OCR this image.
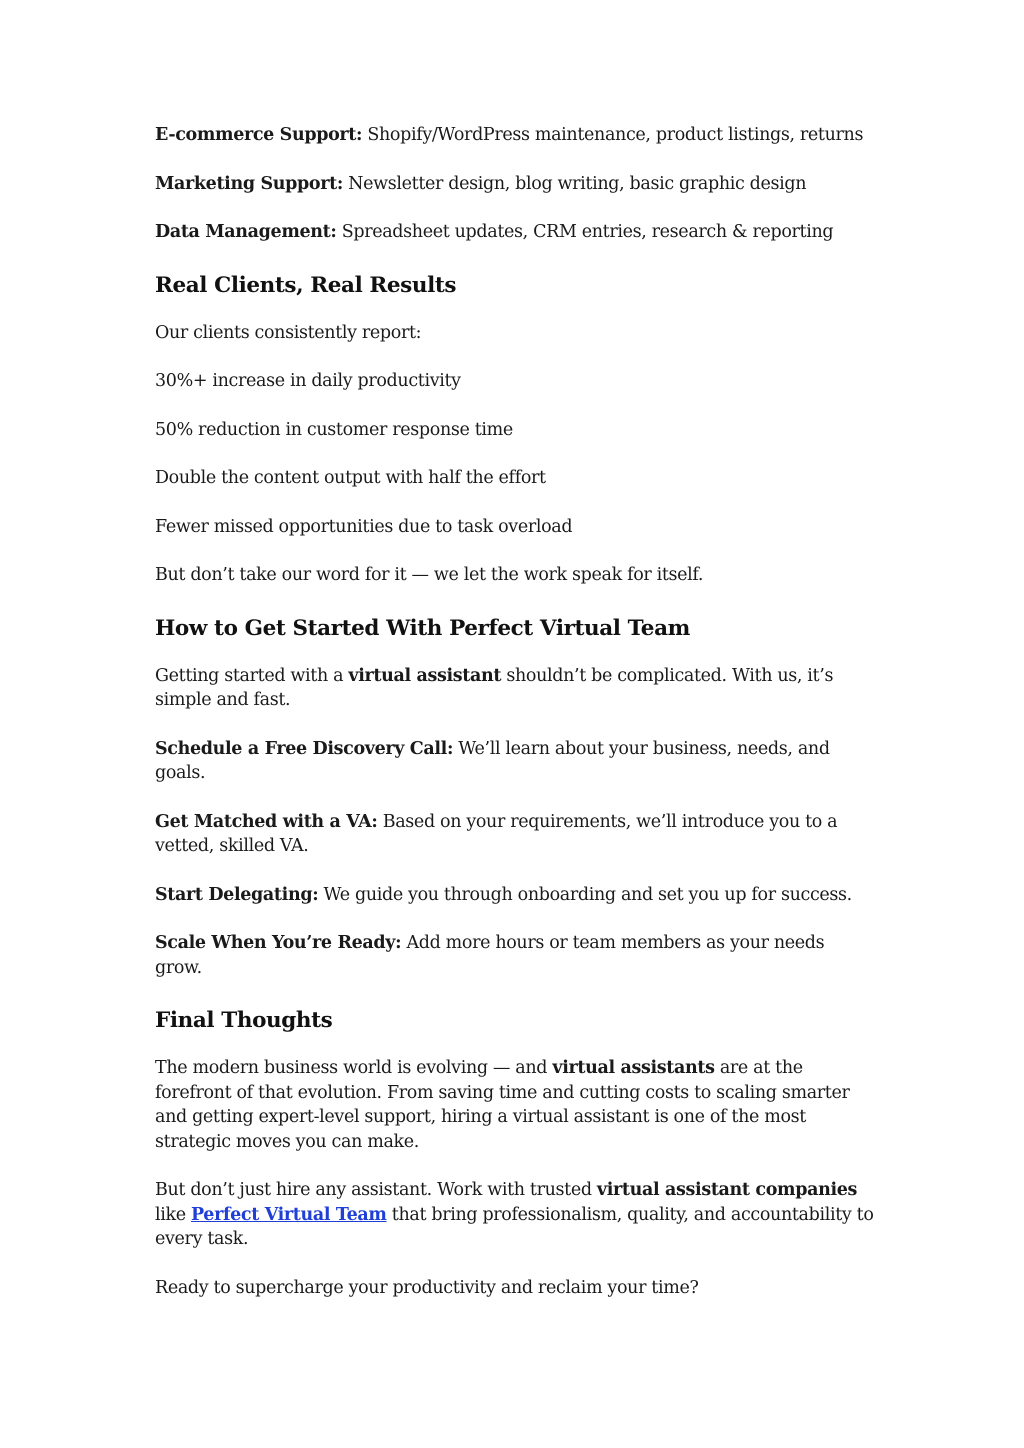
E-commerce Support: Shopify/WordPress maintenance, product listings, returns

Marketing Support: Newsletter design, blog writing, basic graphic design

Data Management: Spreadsheet updates, CRM entries, research & reporting

Real Clients, Real Results

Our clients consistently report:

30%+ increase in daily productivity

50% reduction in customer response time

Double the content output with half the effort

Fewer missed opportunities due to task overload

But don’t take our word for it — we let the work speak for itself.

How to Get Started With Perfect Virtual Team

Getting started with a virtual assistant shouldn’t be complicated. With us, it’s simple and fast.

Schedule a Free Discovery Call: We’ll learn about your business, needs, and goals.

Get Matched with a VA: Based on your requirements, we’ll introduce you to a vetted, skilled VA.

Start Delegating: We guide you through onboarding and set you up for success.

Scale When You’re Ready: Add more hours or team members as your needs grow.

Final Thoughts

The modern business world is evolving — and virtual assistants are at the forefront of that evolution. From saving time and cutting costs to scaling smarter and getting expert-level support, hiring a virtual assistant is one of the most strategic moves you can make.

But don’t just hire any assistant. Work with trusted virtual assistant companies like Perfect Virtual Team that bring professionalism, quality, and accountability to every task.

Ready to supercharge your productivity and reclaim your time?
